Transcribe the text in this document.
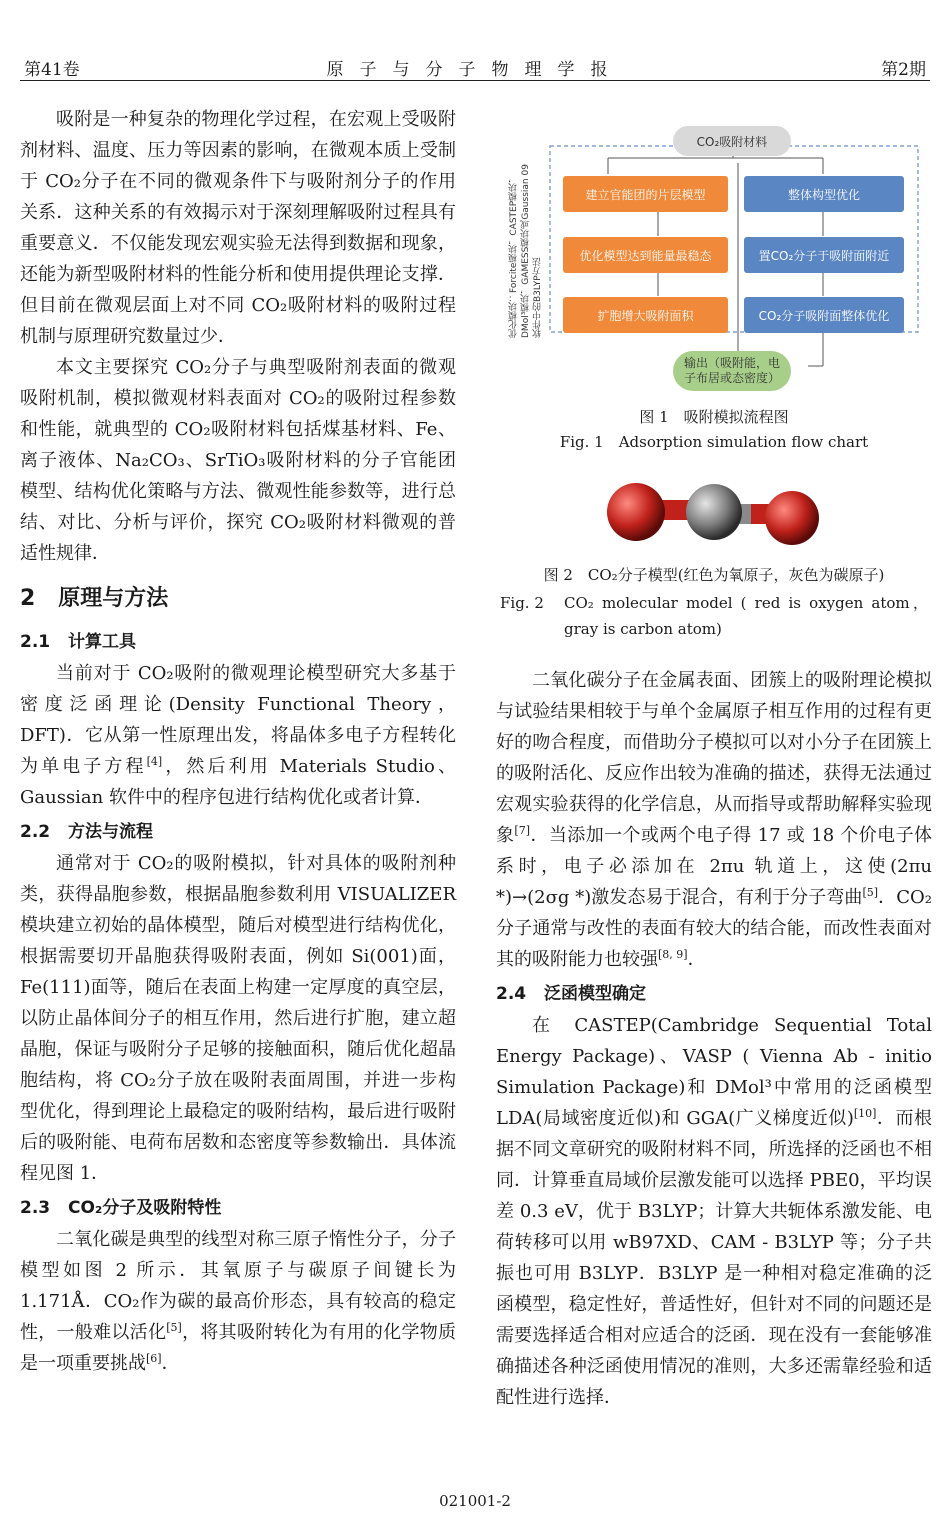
第41卷	原子与分子物理学报	第2期

吸附是一种复杂的物理化学过程，在宏观上受吸附剂材料、温度、压力等因素的影响，在微观本质上受制于 CO₂分子在不同的微观条件下与吸附剂分子的作用关系．这种关系的有效揭示对于深刻理解吸附过程具有重要意义．不仅能发现宏观实验无法得到数据和现象，还能为新型吸附材料的性能分析和使用提供理论支撑．但目前在微观层面上对不同 CO₂吸附材料的吸附过程机制与原理研究数量过少．

本文主要探究 CO₂分子与典型吸附剂表面的微观吸附机制，模拟微观材料表面对 CO₂的吸附过程参数和性能，就典型的 CO₂吸附材料包括煤基材料、Fe、离子液体、Na₂CO₃、SrTiO₃吸附材料的分子官能团模型、结构优化策略与方法、微观性能参数等，进行总结、对比、分析与评价，探究 CO₂吸附材料微观的普适性规律．

2 原理与方法
2.1 计算工具

当前对于 CO₂吸附的微观理论模型研究大多基于密度泛函理论(Density Functional Theory，DFT)．它从第一性原理出发，将晶体多电子方程转化为单电子方程[4]，然后利用 Materials Studio、Gaussian 软件中的程序包进行结构优化或者计算．

2.2 方法与流程

通常对于 CO₂的吸附模拟，针对具体的吸附剂种类，获得晶胞参数，根据晶胞参数利用 VISUALIZER 模块建立初始的晶体模型，随后对模型进行结构优化，根据需要切开晶胞获得吸附表面，例如 Si(001)面，Fe(111)面等，随后在表面上构建一定厚度的真空层，以防止晶体间分子的相互作用，然后进行扩胞，建立超晶胞，保证与吸附分子足够的接触面积，随后优化超晶胞结构，将 CO₂分子放在吸附表面周围，并进一步构型优化，得到理论上最稳定的吸附结构，最后进行吸附后的吸附能、电荷布居数和态密度等参数输出．具体流程见图 1．

2.3 CO₂分子及吸附特性

二氧化碳是典型的线型对称三原子惰性分子，分子模型如图 2 所示．其氧原子与碳原子间键长为 1.171Å．CO₂作为碳的最高价形态，具有较高的稳定性，一般难以活化[5]，将其吸附转化为有用的化学物质是一项重要挑战[6]．

CO₂吸附材料
优化模块：Forcite模块，CASTEP模块，DMol³模块，GAMESS模块或Gaussian 09软件中的B3LYP方法
建立官能团的片层模型
优化模型达到能量最稳态
扩胞增大吸附面积
整体构型优化
置CO₂分子于吸附面附近
CO₂分子吸附面整体优化
输出（吸附能，电子布居或态密度）
图 1　吸附模拟流程图
Fig. 1　Adsorption simulation flow chart
图 2　CO₂分子模型(红色为氧原子，灰色为碳原子)
Fig. 2 CO₂ molecular model ( red is oxygen atom，gray is carbon atom)

二氧化碳分子在金属表面、团簇上的吸附理论模拟与试验结果相较于与单个金属原子相互作用的过程有更好的吻合程度，而借助分子模拟可以对小分子在团簇上的吸附活化、反应作出较为准确的描述，获得无法通过宏观实验获得的化学信息，从而指导或帮助解释实验现象[7]．当添加一个或两个电子得 17 或 18 个价电子体系时，电子必添加在 2πu 轨道上，这使(2πu *)→(2σg *)激发态易于混合，有利于分子弯曲[5]．CO₂分子通常与改性的表面有较大的结合能，而改性表面对其的吸附能力也较强[8, 9]．

2.4 泛函模型确定

在 CASTEP(Cambridge Sequential Total Energy Package)、VASP ( Vienna Ab - initio Simulation Package)和 DMol³中常用的泛函模型 LDA(局域密度近似)和 GGA(广义梯度近似)[10]．而根据不同文章研究的吸附材料不同，所选择的泛函也不相同．计算垂直局域价层激发能可以选择 PBE0，平均误差 0.3 eV，优于 B3LYP；计算大共轭体系激发能、电荷转移可以用 wB97XD、CAM - B3LYP 等；分子共振也可用 B3LYP．B3LYP 是一种相对稳定准确的泛函模型，稳定性好，普适性好，但针对不同的问题还是需要选择适合相对应适合的泛函．现在没有一套能够准确描述各种泛函使用情况的准则，大多还需靠经验和适配性进行选择．

021001-2
